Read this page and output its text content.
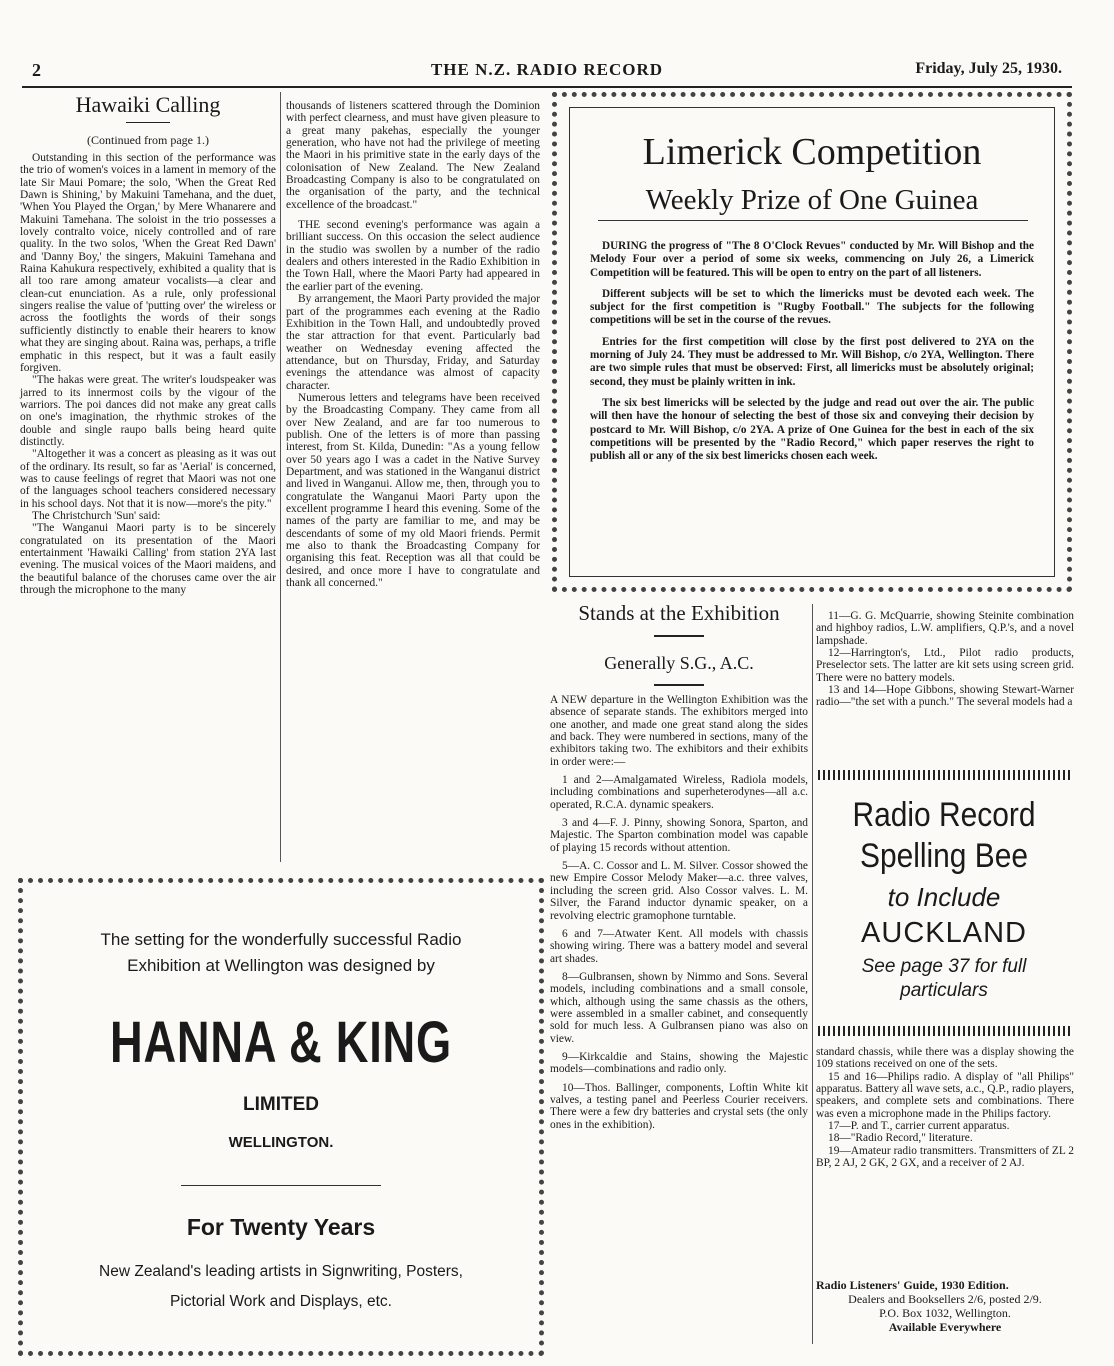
2	THE N.Z. RADIO RECORD	Friday, July 25, 1930.
Hawaiki Calling
(Continued from page 1.)

Outstanding in this section of the performance was the trio of women's voices in a lament in memory of the late Sir Maui Pomare; the solo, 'When the Great Red Dawn is Shining,' by Makuini Tamehana, and the duet, 'When You Played the Organ,' by Mere Whanarere and Makuini Tamehana. The soloist in the trio possesses a lovely contralto voice, nicely controlled and of rare quality. In the two solos, 'When the Great Red Dawn' and 'Danny Boy,' the singers, Makuini Tamehana and Raina Kahukura respectively, exhibited a quality that is all too rare among amateur vocalists—a clear and clean-cut enunciation. As a rule, only professional singers realise the value of 'putting over' the wireless or across the footlights the words of their songs sufficiently distinctly to enable their hearers to know what they are singing about. Raina was, perhaps, a trifle emphatic in this respect, but it was a fault easily forgiven.

"The hakas were great. The writer's loudspeaker was jarred to its innermost coils by the vigour of the warriors. The poi dances did not make any great calls on one's imagination, the rhythmic strokes of the double and single raupo balls being heard quite distinctly.

"Altogether it was a concert as pleasing as it was out of the ordinary. Its result, so far as 'Aerial' is concerned, was to cause feelings of regret that Maori was not one of the languages school teachers considered necessary in his school days. Not that it is now—more's the pity."

The Christchurch 'Sun' said:

"The Wanganui Maori party is to be sincerely congratulated on its presentation of the Maori entertainment 'Hawaiki Calling' from station 2YA last evening. The musical voices of the Maori maidens, and the beautiful balance of the choruses came over the air through the microphone to the many

thousands of listeners scattered through the Dominion with perfect clearness, and must have given pleasure to a great many pakehas, especially the younger generation, who have not had the privilege of meeting the Maori in his primitive state in the early days of the colonisation of New Zealand. The New Zealand Broadcasting Company is also to be congratulated on the organisation of the party, and the technical excellence of the broadcast."

THE second evening's performance was again a brilliant success. On this occasion the select audience in the studio was swollen by a number of the radio dealers and others interested in the Radio Exhibition in the Town Hall, where the Maori Party had appeared in the earlier part of the evening.

By arrangement, the Maori Party provided the major part of the programmes each evening at the Radio Exhibition in the Town Hall, and undoubtedly proved the star attraction for that event. Particularly bad weather on Wednesday evening affected the attendance, but on Thursday, Friday, and Saturday evenings the attendance was almost of capacity character.

Numerous letters and telegrams have been received by the Broadcasting Company. They came from all over New Zealand, and are far too numerous to publish. One of the letters is of more than passing interest, from St. Kilda, Dunedin: "As a young fellow over 50 years ago I was a cadet in the Native Survey Department, and was stationed in the Wanganui district and lived in Wanganui. Allow me, then, through you to congratulate the Wanganui Maori Party upon the excellent programme I heard this evening. Some of the names of the party are familiar to me, and may be descendants of some of my old Maori friends. Permit me also to thank the Broadcasting Company for organising this feat. Reception was all that could be desired, and once more I have to congratulate and thank all concerned."

Limerick Competition
Weekly Prize of One Guinea

DURING the progress of "The 8 O'Clock Revues" conducted by Mr. Will Bishop and the Melody Four over a period of some six weeks, commencing on July 26, a Limerick Competition will be featured. This will be open to entry on the part of all listeners.

Different subjects will be set to which the limericks must be devoted each week. The subject for the first competition is "Rugby Football." The subjects for the following competitions will be set in the course of the revues.

Entries for the first competition will close by the first post delivered to 2YA on the morning of July 24. They must be addressed to Mr. Will Bishop, c/o 2YA, Wellington. There are two simple rules that must be observed: First, all limericks must be absolutely original; second, they must be plainly written in ink.

The six best limericks will be selected by the judge and read out over the air. The public will then have the honour of selecting the best of those six and conveying their decision by postcard to Mr. Will Bishop, c/o 2YA. A prize of One Guinea for the best in each of the six competitions will be presented by the "Radio Record," which paper reserves the right to publish all or any of the six best limericks chosen each week.

Stands at the Exhibition
Generally S.G., A.C.

A NEW departure in the Wellington Exhibition was the absence of separate stands. The exhibitors merged into one another, and made one great stand along the sides and back. They were numbered in sections, many of the exhibitors taking two. The exhibitors and their exhibits in order were:—

1 and 2—Amalgamated Wireless, Radiola models, including combinations and superheterodynes—all a.c. operated, R.C.A. dynamic speakers.

3 and 4—F. J. Pinny, showing Sonora, Sparton, and Majestic. The Sparton combination model was capable of playing 15 records without attention.

5—A. C. Cossor and L. M. Silver. Cossor showed the new Empire Cossor Melody Maker—a.c. three valves, including the screen grid. Also Cossor valves. L. M. Silver, the Farand inductor dynamic speaker, on a revolving electric gramophone turntable.

6 and 7—Atwater Kent. All models with chassis showing wiring. There was a battery model and several art shades.

8—Gulbransen, shown by Nimmo and Sons. Several models, including combinations and a small console, which, although using the same chassis as the others, were assembled in a smaller cabinet, and consequently sold for much less. A Gulbransen piano was also on view.

9—Kirkcaldie and Stains, showing the Majestic models—combinations and radio only.

10—Thos. Ballinger, components, Loftin White kit valves, a testing panel and Peerless Courier receivers. There were a few dry batteries and crystal sets (the only ones in the exhibition).

11—G. G. McQuarrie, showing Steinite combination and highboy radios, L.W. amplifiers, Q.P.'s, and a novel lampshade.

12—Harrington's, Ltd., Pilot radio products, Preselector sets. The latter are kit sets using screen grid. There were no battery models.

13 and 14—Hope Gibbons, showing Stewart-Warner radio—"the set with a punch." The several models had a

Radio Record
Spelling Bee
to Include
AUCKLAND
See page 37 for full
particulars

standard chassis, while there was a display showing the 109 stations received on one of the sets.

15 and 16—Philips radio. A display of "all Philips" apparatus. Battery all wave sets, a.c., Q.P., radio players, speakers, and complete sets and combinations. There was even a microphone made in the Philips factory.

17—P. and T., carrier current apparatus.

18—"Radio Record," literature.

19—Amateur radio transmitters. Transmitters of ZL 2 BP, 2 AJ, 2 GK, 2 GX, and a receiver of 2 AJ.

Radio Listeners' Guide, 1930 Edition.
Dealers and Booksellers 2/6, posted 2/9.
P.O. Box 1032, Wellington.
Available Everywhere
The setting for the wonderfully successful Radio
Exhibition at Wellington was designed by
HANNA & KING
LIMITED
WELLINGTON.
For Twenty Years
New Zealand's leading artists in Signwriting, Posters,
Pictorial Work and Displays, etc.
